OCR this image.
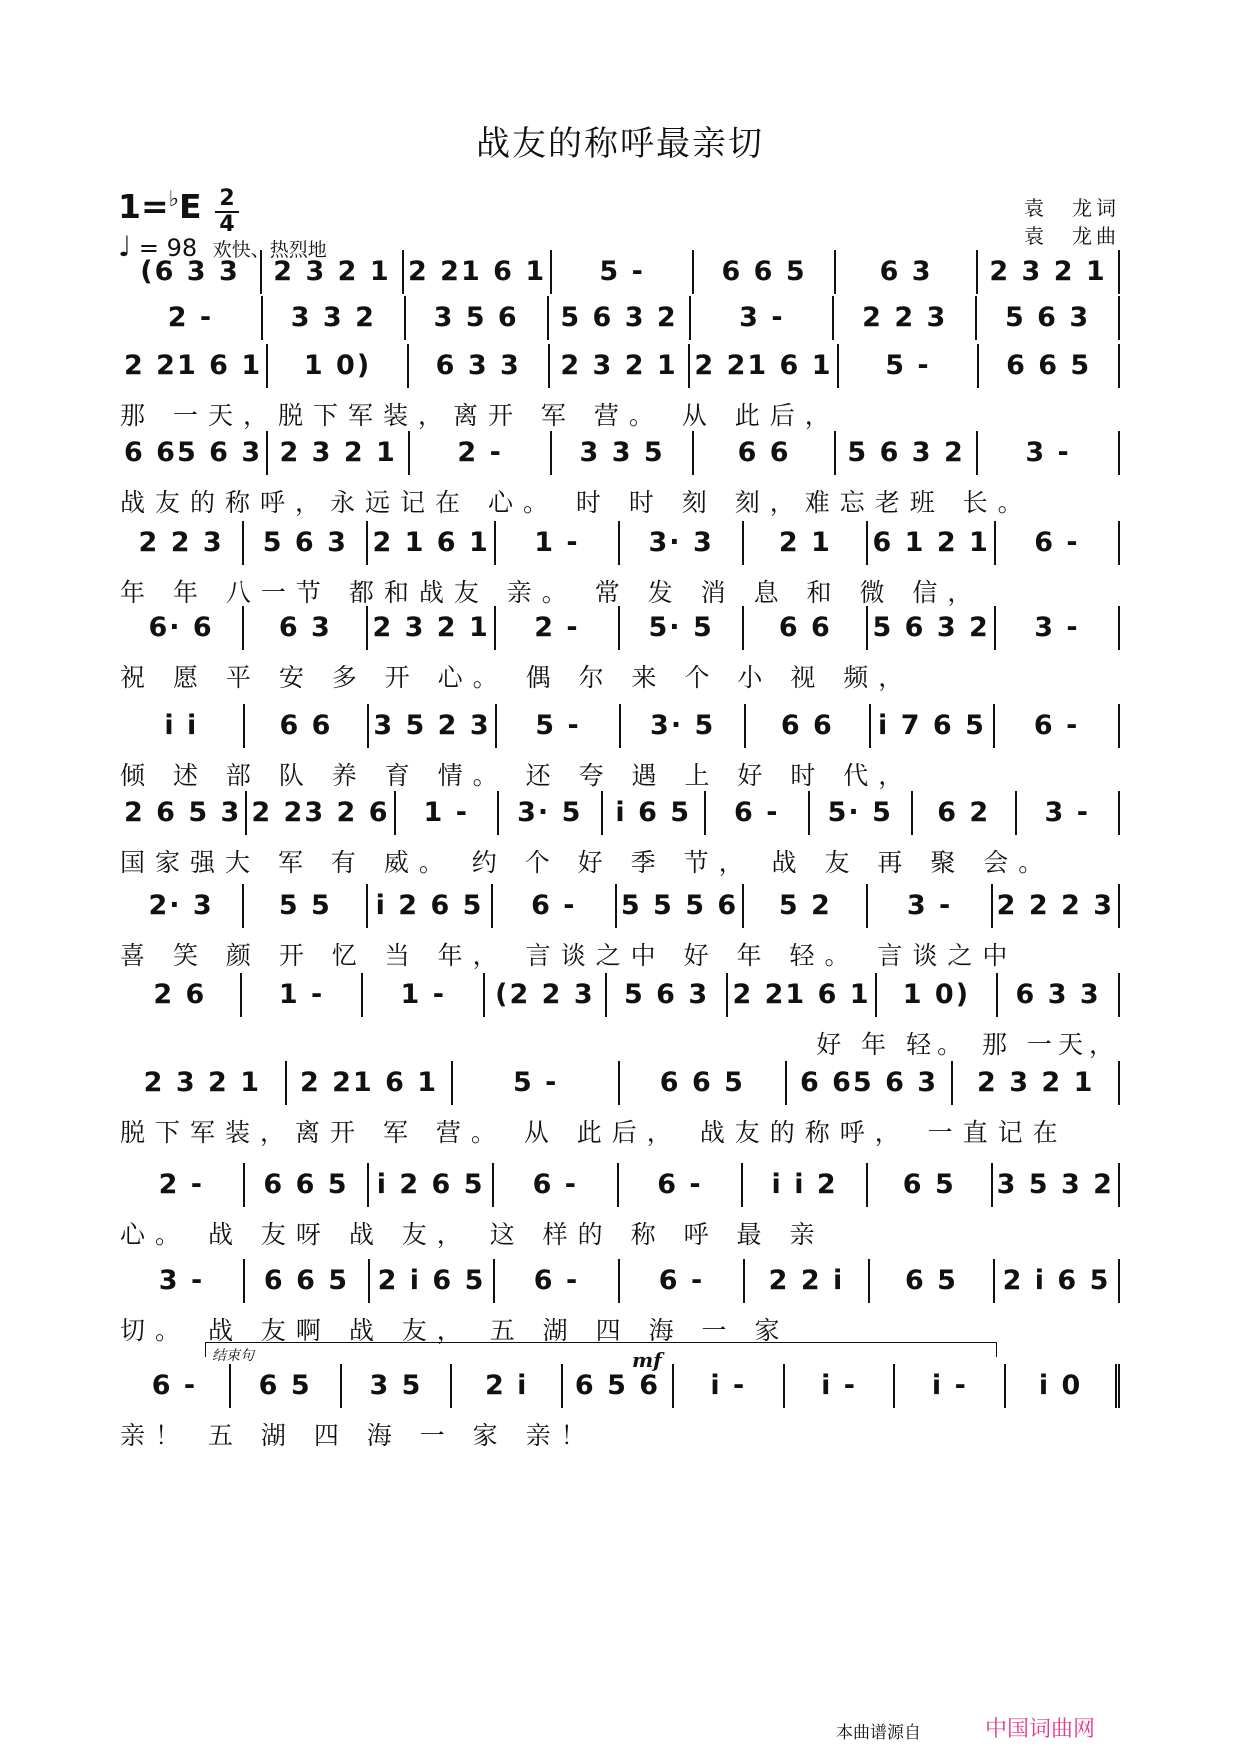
战友的称呼最亲切
1=♭E 2
4
♩ = 98 欢快、热烈地
袁　龙词
袁　龙曲
(6 3 3	2 3 2 1 2 21 6 1	5 -	6 6 5	6 3	2 3 2 1
2 -	3 3 2	3 5 6	5 6 3 2	3 -	2 2 3	5 6 3
2 21 6 1	1 0)	6 3 3	2 3 2 1 2 21 6 1	5 -	6 6 5
那 一天，脱下军装，离开 军 营。 从 此后，
6 65 6 3 2 3 2 1	2 -	3 3 5	6 6	5 6 3 2	3 -
战友的称呼，永远记在 心。 时 时 刻 刻，难忘老班 长。
2 2 3	5 6 3 2 1 6 1	1 -	3· 3	2 1	6 1 2 1	6 -
年 年 八一节 都和战友 亲。 常 发 消 息 和 微 信，
6· 6	6 3	2 3 2 1	2 -	5· 5	6 6	5 6 3 2	3 -
祝 愿 平 安 多 开 心。 偶 尔 来 个 小 视 频，
i i	6 6	3 5 2 3	5 -	3· 5	6 6	i 7 6 5	6 -
倾 述 部 队 养 育 情。 还 夸 遇 上 好 时 代，
2 6 5 3 2 23 2 6	1 -	3· 5	i 6 5	6 -	5· 5	6 2	3 -
国家强大 军 有 威。 约 个 好 季 节， 战 友 再 聚 会。
2· 3	5 5	i 2 6 5	6 -	5 5 5 6	5 2	3 -	2 2 2 3
喜 笑 颜 开 忆 当 年， 言谈之中 好 年 轻。 言谈之中
2 6	1 -	1 -	(2 2 3	5 6 3 2 21 6 1	1 0)	6 3 3
好 年 轻。 那 一天，
2 3 2 1	2 21 6 1	5 -	6 6 5	6 65 6 3	2 3 2 1
脱下军装，离开 军 营。 从 此后， 战友的称呼， 一直记在
2 -	6 6 5	i 2 6 5	6 -	6 -	i i 2	6 5	3 5 3 2
心。 战 友呀 战 友， 这 样的 称 呼 最 亲
3 -	6 6 5	2 i 6 5	6 -	6 -	2 2 i	6 5	2 i 6 5
切。 战 友啊 战 友， 五 湖 四 海 一 家
6 -	6 5	3 5	2 i	6 5 6	i -	i -	i -	i 0
亲！ 五 湖 四 海 一 家 亲！
结束句	mf
本曲谱源自	中国词曲网
